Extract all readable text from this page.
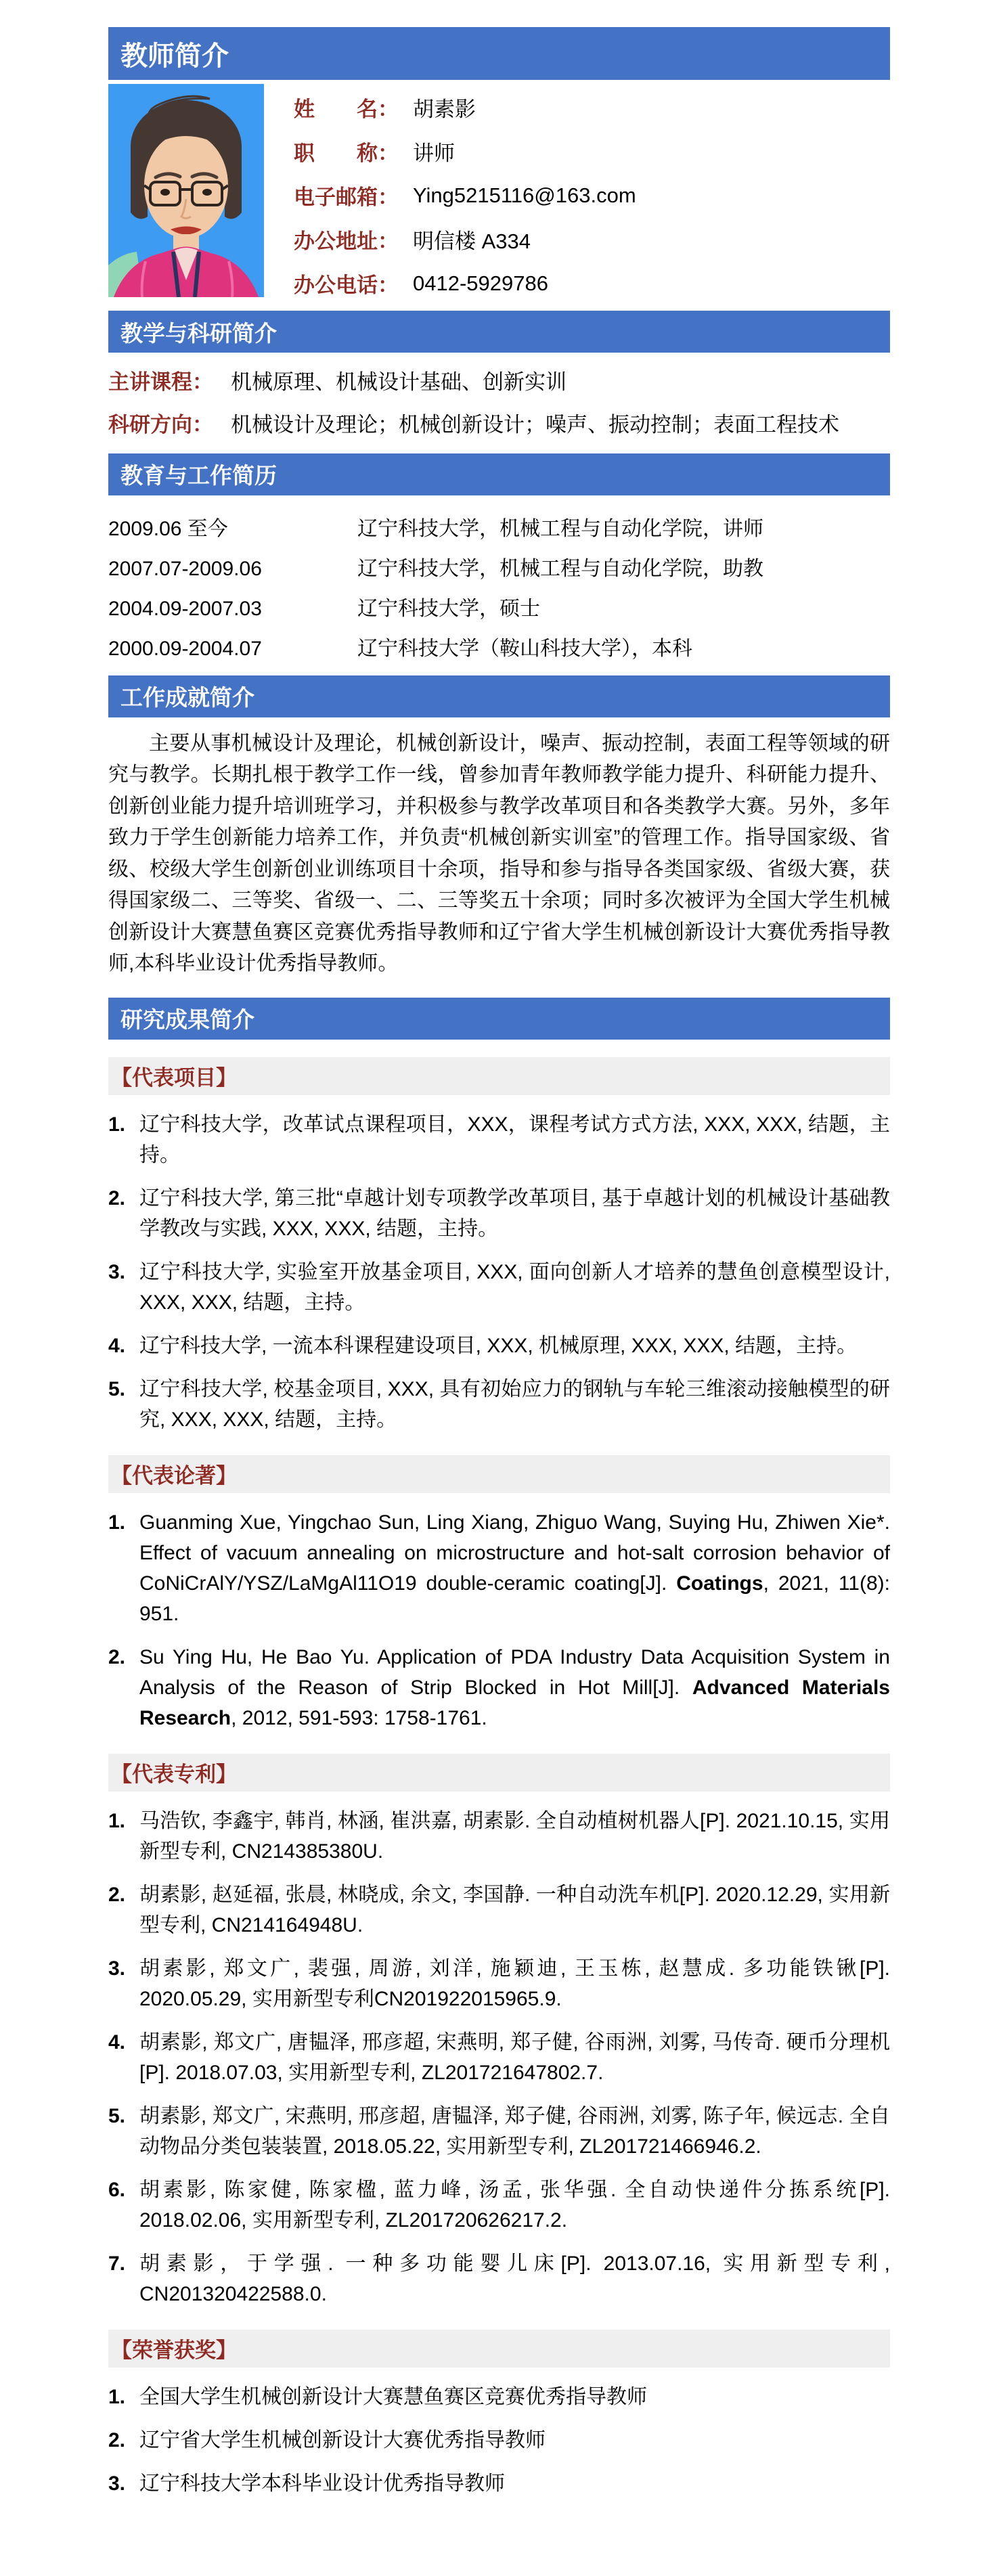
教师简介
姓　　名： 胡素影
职　　称： 讲师
电子邮箱： Ying5215116@163.com
办公地址： 明信楼 A334
办公电话： 0412-5929786
教学与科研简介
主讲课程： 机械原理、机械设计基础、创新实训
科研方向： 机械设计及理论；机械创新设计；噪声、振动控制；表面工程技术
教育与工作简历
2009.06 至今	辽宁科技大学，机械工程与自动化学院，讲师
2007.07-2009.06	辽宁科技大学，机械工程与自动化学院，助教
2004.09-2007.03	辽宁科技大学，硕士
2000.09-2004.07	辽宁科技大学（鞍山科技大学），本科
工作成就简介

主要从事机械设计及理论，机械创新设计，噪声、振动控制，表面工程等领域的研究与教学。长期扎根于教学工作一线，曾参加青年教师教学能力提升、科研能力提升、创新创业能力提升培训班学习，并积极参与教学改革项目和各类教学大赛。另外，多年致力于学生创新能力培养工作，并负责“机械创新实训室”的管理工作。指导国家级、省级、校级大学生创新创业训练项目十余项，指导和参与指导各类国家级、省级大赛，获得国家级二、三等奖、省级一、二、三等奖五十余项；同时多次被评为全国大学生机械创新设计大赛慧鱼赛区竞赛优秀指导教师和辽宁省大学生机械创新设计大赛优秀指导教师,本科毕业设计优秀指导教师。

研究成果简介
【代表项目】
1. 辽宁科技大学，改革试点课程项目，XXX，课程考试方式方法, XXX, XXX, 结题，主持。
2. 辽宁科技大学, 第三批“卓越计划专项教学改革项目, 基于卓越计划的机械设计基础教学教改与实践, XXX, XXX, 结题，主持。
3. 辽宁科技大学, 实验室开放基金项目, XXX, 面向创新人才培养的慧鱼创意模型设计, XXX, XXX, 结题，主持。
4. 辽宁科技大学, 一流本科课程建设项目, XXX, 机械原理, XXX, XXX, 结题，主持。
5. 辽宁科技大学, 校基金项目, XXX, 具有初始应力的钢轨与车轮三维滚动接触模型的研究, XXX, XXX, 结题，主持。
【代表论著】
1. Guanming Xue, Yingchao Sun, Ling Xiang, Zhiguo Wang, Suying Hu, Zhiwen Xie*. Effect of vacuum annealing on microstructure and hot-salt corrosion behavior of CoNiCrAlY/YSZ/LaMgAl11O19 double-ceramic coating[J]. Coatings, 2021, 11(8): 951.
2. Su Ying Hu, He Bao Yu. Application of PDA Industry Data Acquisition System in Analysis of the Reason of Strip Blocked in Hot Mill[J]. Advanced Materials Research, 2012, 591-593: 1758-1761.
【代表专利】
1. 马浩钦, 李鑫宇, 韩肖, 林涵, 崔洪嘉, 胡素影. 全自动植树机器人[P]. 2021.10.15, 实用新型专利, CN214385380U.
2. 胡素影, 赵延福, 张晨, 林晓成, 余文, 李国静. 一种自动洗车机[P]. 2020.12.29, 实用新型专利, CN214164948U.
3. 胡素影, 郑文广, 裴强, 周游, 刘洋, 施颖迪, 王玉栋, 赵慧成. 多功能铁锹[P]. 2020.05.29, 实用新型专利CN201922015965.9.
4. 胡素影, 郑文广, 唐韫泽, 邢彦超, 宋燕明, 郑子健, 谷雨洲, 刘雾, 马传奇. 硬币分理机[P]. 2018.07.03, 实用新型专利, ZL201721647802.7.
5. 胡素影, 郑文广, 宋燕明, 邢彦超, 唐韫泽, 郑子健, 谷雨洲, 刘雾, 陈子年, 候远志. 全自动物品分类包装装置, 2018.05.22, 实用新型专利, ZL201721466946.2.
6. 胡素影, 陈家健, 陈家楹, 蓝力峰, 汤孟, 张华强. 全自动快递件分拣系统[P]. 2018.02.06, 实用新型专利, ZL201720626217.2.
7. 胡素影，于学强. 一种多功能婴儿床[P]. 2013.07.16, 实用新型专利, CN201320422588.0.
【荣誉获奖】
1. 全国大学生机械创新设计大赛慧鱼赛区竞赛优秀指导教师
2. 辽宁省大学生机械创新设计大赛优秀指导教师
3. 辽宁科技大学本科毕业设计优秀指导教师
